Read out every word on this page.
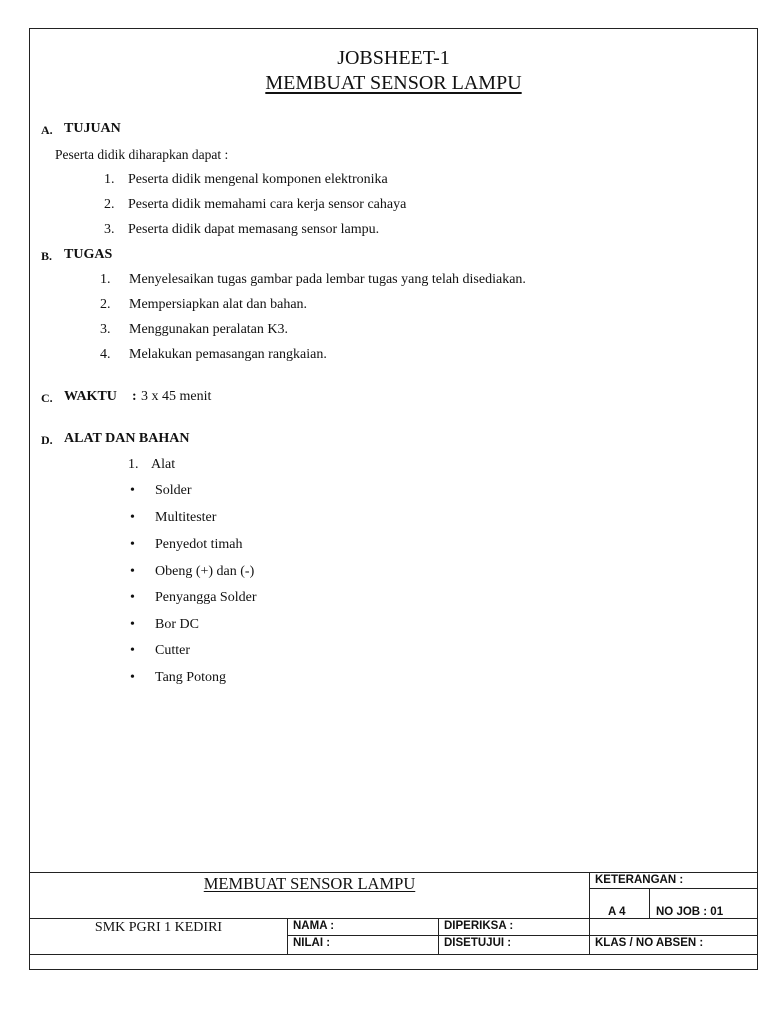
JOBSHEET-1
MEMBUAT SENSOR LAMPU
A. TUJUAN
Peserta didik diharapkan dapat :
1. Peserta didik mengenal komponen elektronika
2. Peserta didik memahami cara kerja sensor cahaya
3. Peserta didik dapat memasang sensor lampu.
B. TUGAS
1. Menyelesaikan tugas gambar pada lembar tugas yang telah disediakan.
2. Mempersiapkan alat dan bahan.
3. Menggunakan peralatan K3.
4. Melakukan pemasangan rangkaian.
C. WAKTU : 3 x 45 menit
D. ALAT DAN BAHAN
1. Alat
• Solder
• Multitester
• Penyedot timah
• Obeng (+) dan (-)
• Penyangga Solder
• Bor DC
• Cutter
• Tang Potong
MEMBUAT SENSOR LAMPU
SMK PGRI 1 KEDIRI
KETERANGAN :
A 4	NO JOB : 01
NAMA :	DIPERIKSA :
NILAI :	DISETUJUI :	KLAS / NO ABSEN :
